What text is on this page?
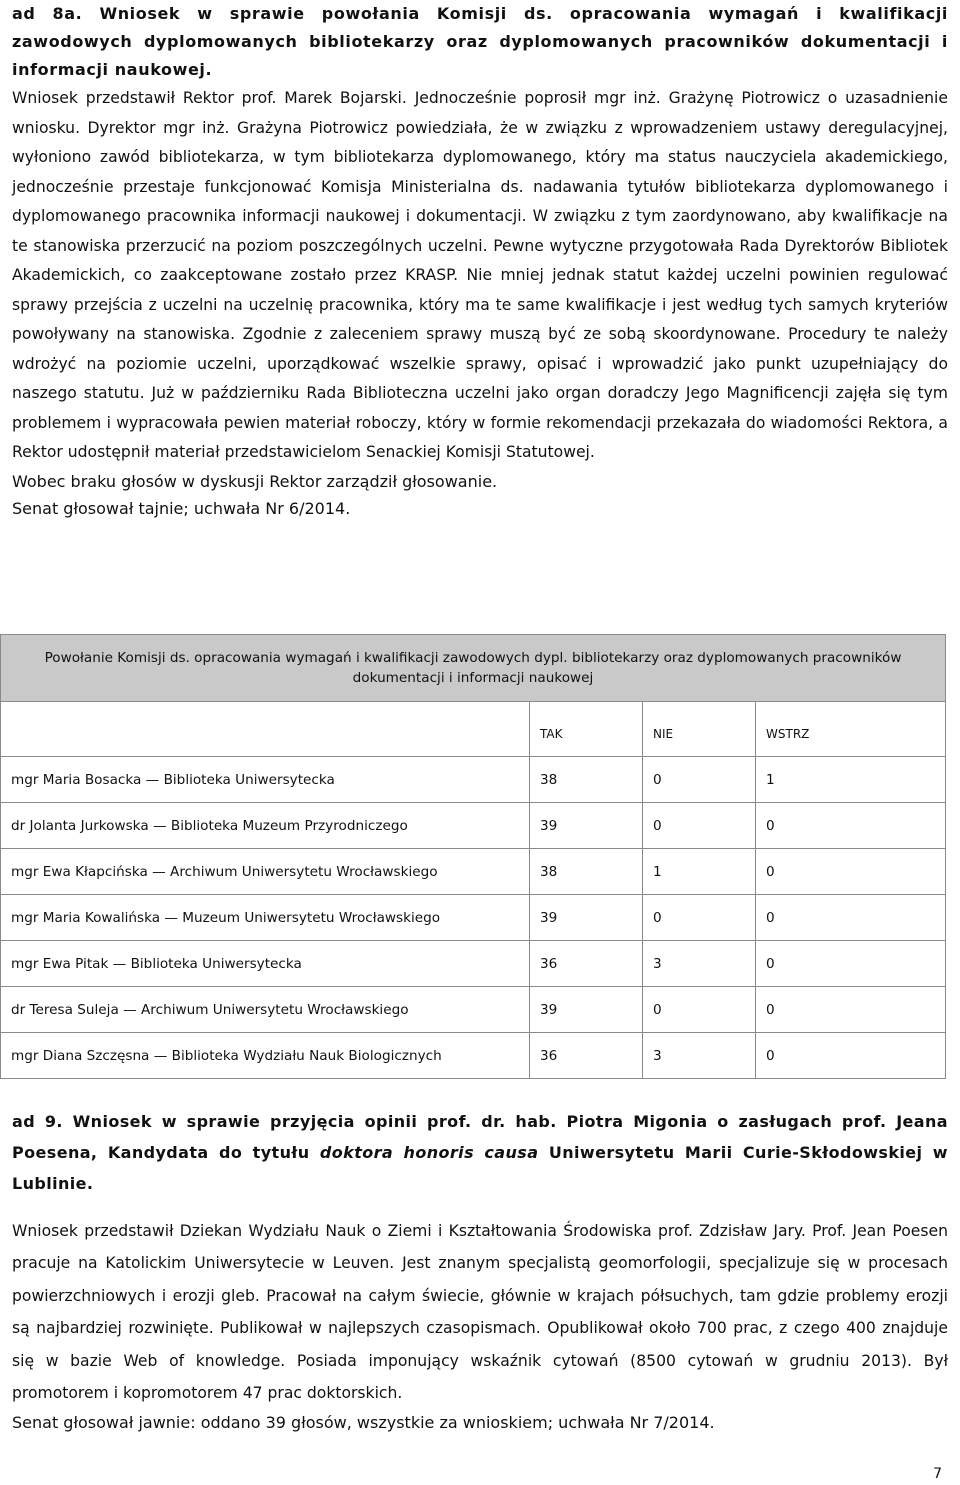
ad 8a. Wniosek w sprawie powołania Komisji ds. opracowania wymagań i kwalifikacji zawodowych dyplomowanych bibliotekarzy oraz dyplomowanych pracowników dokumentacji i informacji naukowej.

Wniosek przedstawił Rektor prof. Marek Bojarski. Jednocześnie poprosił mgr inż. Grażynę Piotrowicz o uzasadnienie wniosku. Dyrektor mgr inż. Grażyna Piotrowicz powiedziała, że w związku z wprowadzeniem ustawy deregulacyjnej, wyłoniono zawód bibliotekarza, w tym bibliotekarza dyplomowanego, który ma status nauczyciela akademickiego, jednocześnie przestaje funkcjonować Komisja Ministerialna ds. nadawania tytułów bibliotekarza dyplomowanego i dyplomowanego pracownika informacji naukowej i dokumentacji. W związku z tym zaordynowano, aby kwalifikacje na te stanowiska przerzucić na poziom poszczególnych uczelni. Pewne wytyczne przygotowała Rada Dyrektorów Bibliotek Akademickich, co zaakceptowane zostało przez KRASP. Nie mniej jednak statut każdej uczelni powinien regulować sprawy przejścia z uczelni na uczelnię pracownika, który ma te same kwalifikacje i jest według tych samych kryteriów powoływany na stanowiska. Zgodnie z zaleceniem sprawy muszą być ze sobą skoordynowane. Procedury te należy wdrożyć na poziomie uczelni, uporządkować wszelkie sprawy, opisać i wprowadzić jako punkt uzupełniający do naszego statutu. Już w październiku Rada Biblioteczna uczelni jako organ doradczy Jego Magnificencji zajęła się tym problemem i wypracowała pewien materiał roboczy, który w formie rekomendacji przekazała do wiadomości Rektora, a Rektor udostępnił materiał przedstawicielom Senackiej Komisji Statutowej.

Wobec braku głosów w dyskusji Rektor zarządził głosowanie.

Senat głosował tajnie; uchwała Nr 6/2014.

Powołanie Komisji ds. opracowania wymagań i kwalifikacji zawodowych dypl. bibliotekarzy oraz dyplomowanych pracowników dokumentacji i informacji naukowej			
	TAK	NIE	WSTRZ
mgr Maria Bosacka — Biblioteka Uniwersytecka	38	0	1
dr Jolanta Jurkowska — Biblioteka Muzeum Przyrodniczego	39	0	0
mgr Ewa Kłapcińska — Archiwum Uniwersytetu Wrocławskiego	38	1	0
mgr Maria Kowalińska — Muzeum Uniwersytetu Wrocławskiego	39	0	0
mgr Ewa Pitak — Biblioteka Uniwersytecka	36	3	0
dr Teresa Suleja — Archiwum Uniwersytetu Wrocławskiego	39	0	0
mgr Diana Szczęsna — Biblioteka Wydziału Nauk Biologicznych	36	3	0

ad 9. Wniosek w sprawie przyjęcia opinii prof. dr. hab. Piotra Migonia o zasługach prof. Jeana Poesena, Kandydata do tytułu doktora honoris causa Uniwersytetu Marii Curie-Skłodowskiej w Lublinie.

Wniosek przedstawił Dziekan Wydziału Nauk o Ziemi i Kształtowania Środowiska prof. Zdzisław Jary. Prof. Jean Poesen pracuje na Katolickim Uniwersytecie w Leuven. Jest znanym specjalistą geomorfologii, specjalizuje się w procesach powierzchniowych i erozji gleb. Pracował na całym świecie, głównie w krajach półsuchych, tam gdzie problemy erozji są najbardziej rozwinięte. Publikował w najlepszych czasopismach. Opublikował około 700 prac, z czego 400 znajduje się w bazie Web of knowledge. Posiada imponujący wskaźnik cytowań (8500 cytowań w grudniu 2013). Był promotorem i kopromotorem 47 prac doktorskich.

Senat głosował jawnie: oddano 39 głosów, wszystkie za wnioskiem; uchwała Nr 7/2014.

7
